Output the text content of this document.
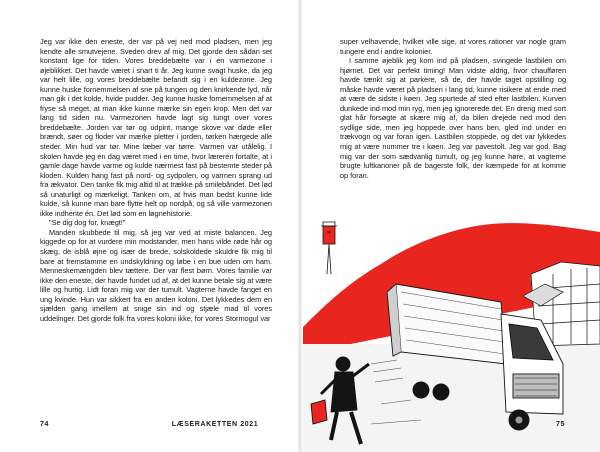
Jeg var ikke den eneste, der var på vej ned mod pladsen, men jeg kendte alle smutvejene. Sveden drev af mig. Det gjorde den sådan set konstant lige for tiden. Vores breddebælte var i en varmezone i øjeblikket. Det havde været i snart ti år. Jeg kunne svagt huske, da jeg var helt lille, og vores breddebælte befandt sig i en kuldezone. Jeg kunne huske fornemmelsen af sne på tungen og den knirkende lyd, når man gik i det kolde, hvide pudder. Jeg kunne huske fornemmelsen af at fryse så meget, at man ikke kunne mærke sin egen krop. Men det var lang tid siden nu. Varmezonen havde lagt sig tungt over vores breddebælte. Jorden var tør og udpint, mange skove var døde eller brændt, søer og floder var mærke pletter i jorden, tørken hærgede alle steder. Min hud var tør. Mine læber var tørre. Varmen var utålelig. I skolen havde jeg en dag været med i en time, hvor læreren fortalte, at i gamle dage havde varme og kulde nærmest fast på bestemte steder på kloden. Kulden hang fast på nord- og sydpolen, og varmen sprang ud fra ækvator. Den tanke fik mig altid til at trække på smilebåndet. Det lød så unaturligt og mærkeligt. Tanken om, at hvis man bedst kunne lide kulde, så kunne man bare flytte helt op nordpå, og så ville varmezonen ikke indhente én. Det lød som en løgnehistorie.

"Se dig dog for, knægt!"

Manden skubbede til mig, så jeg var ved at miste balancen. Jeg kiggede op for at vurdere min modstander, men hans vilde røde hår og skæg, de isblå øjne og især de brede, solskoldede skuldre fik mig til bare at fremstamme en undskyldning og løbe i en bue uden om ham. Menneskemængden blev tættere. Der var flest børn. Vores familie var ikke den eneste, der havde fundet ud af, at det kunne betale sig at være lille og hurtig. Lidt foran mig var der tumult. Vagterne havde fanget en ung kvinde. Hun var sikkert fra en anden koloni. Det lykkedes dem en sjælden gang imellem at snige sin ind og stjæle mad til vores uddelinger. Det gjorde folk fra vores koloni ikke, for vores Stormogul var

74	LÆSERAKETTEN 2021

super velhavende, hvilket ville sige, at vores rationer var nogle gram tungere end i andre kolonier.

I samme øjeblik jeg kom ind på pladsen, svingede lastbilen om hjørnet. Det var perfekt timing! Man vidste aldrig, hvor chaufføren havde tænkt sig at parkere, så de, der havde taget opstilling og måske havde været på pladsen i lang tid, kunne risikere at ende med at være de sidste i køen. Jeg spurtede af sted efter lastbilen. Kurven dunkede ind mod min ryg, men jeg ignorerede det. En dreng med sort glat hår forsøgte at skære mig af, da bilen drejede ned mod den sydlige side, men jeg hoppede over hans ben, gled ind under en trækvogn og var foran igen. Lastbilen stoppede, og det var lykkedes mig at være nummer tre i køen. Jeg var pavestolt. Jeg var god. Bag mig var der som sædvanlig tumult, og jeg kunne høre, at vagterne brugte luftkanoner på de bagerste folk, der kæmpede for at komme op foran.

75
